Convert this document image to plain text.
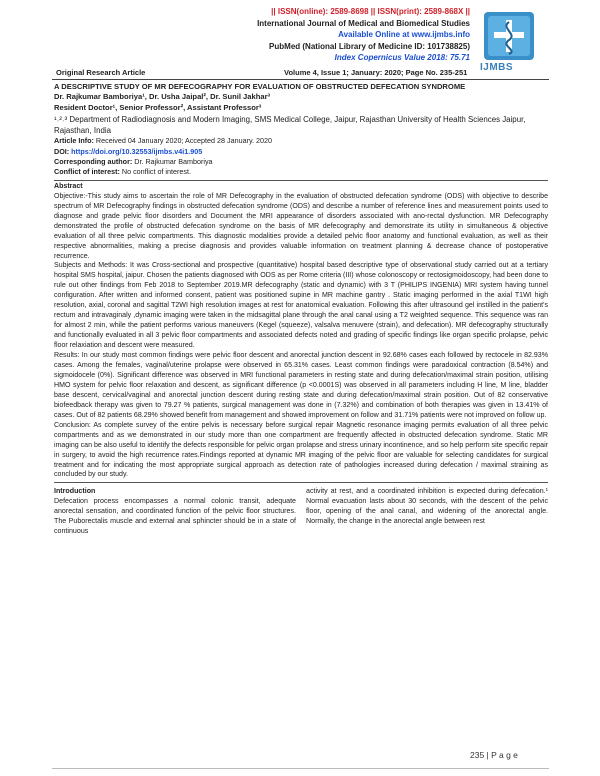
|| ISSN(online): 2589-8698 || ISSN(print): 2589-868X ||
International Journal of Medical and Biomedical Studies
Available Online at www.ijmbs.info
PubMed (National Library of Medicine ID: 101738825)
Index Copernicus Value 2018: 75.71
IJMBS
Original Research Article	Volume 4, Issue 1; January: 2020; Page No. 235-251

A DESCRIPTIVE STUDY OF MR DEFECOGRAPHY FOR EVALUATION OF OBSTRUCTED DEFECATION SYNDROME

Dr. Rajkumar Bamboriya¹, Dr. Usha Jaipal², Dr. Sunil Jakhar³

Resident Doctor¹, Senior Professor², Assistant Professor³

¹˒²˒³ Department of Radiodiagnosis and Modern Imaging, SMS Medical College, Jaipur, Rajasthan University of Health Sciences Jaipur, Rajasthan, India

Article Info: Received 04 January 2020; Accepted 28 January. 2020

DOI: https://doi.org/10.32553/ijmbs.v4i1.905

Corresponding author: Dr. Rajkumar Bamboriya

Conflict of interest: No conflict of interest.

Abstract

Objective:-This study aims to ascertain the role of MR Defecography in the evaluation of obstructed defecation syndrome (ODS) with objective to describe spectrum of MR Defecography findings in obstructed defecation syndrome (ODS) and describe a number of reference lines and measurement points used to diagnose and grade pelvic floor disorders and Document the MRI appearance of disorders associated with ano-rectal dysfunction. MR Defecography demonstrated the profile of obstructed defecation syndrome on the basis of MR defecography and demonstrate its utility in simultaneous & objective evaluation of all three pelvic compartments. This diagnostic modalities provide a detailed pelvic floor anatomy and functional evaluation, as well as their respective abnormalities, making a precise diagnosis and provides valuable information on treatment planning & decrease chance of postoperative recurrence.

Subjects and Methods: It was Cross-sectional and prospective (quantitative) hospital based descriptive type of observational study carried out at a tertiary hospital SMS hospital, jaipur. Chosen the patients diagnosed with ODS as per Rome criteria (III) whose colonoscopy or rectosigmoidoscopy, had been done to rule out other findings from Feb 2018 to September 2019.MR defecography (static and dynamic) with 3 T (PHILIPS INGENIA) MRI system having tunnel configuration. After written and informed consent, patient was positioned supine in MR machine gantry . Static imaging performed in the axial T1WI high resolution, axial, coronal and sagittal T2WI high resolution images at rest for anatomical evaluation. Following this after ultrasound gel instilled in the patient's rectum and intravaginaly ,dynamic imaging were taken in the midsagittal plane through the anal canal using a T2 weighted sequence. This sequence was ran for almost 2 min, while the patient performs various maneuvers (Kegel (squeeze), valsalva menuvere (strain), and defecation). MR defecography structurally and functionally evaluated in all 3 pelvic floor compartments and associated defects noted and grading of specific findings like organ specific prolapse, pelvic floor relaxiation and descent were measured.

Results: In our study most common findings were pelvic floor descent and anorectal junction descent in 92.68% cases each followed by rectocele in 82.93% cases. Among the females, vaginal/uterine prolapse were observed in 65.31% cases. Least common findings were paradoxical contraction (8.54%) and sigmoidocele (0%). Significant difference was observed in MRI functional parameters in resting state and during defecation/maximal strain position, utilising HMO system for pelvic floor relaxation and descent, as significant difference (p <0.0001S) was observed in all parameters including H line, M line, bladder base descent, cervical/vaginal and anorectal junction descent during resting state and during defecation/maximal strain position. Out of 82 conservative biofeedback therapy was given to 79.27 % patients, surgical management was done in (7.32%) and combination of both therapies was given in 13.41% of cases. Out of 82 patients 68.29% showed benefit from management and showed improvement on follow and 31.71% patients were not improved on follow up.

Conclusion: As complete survey of the entire pelvis is necessary before surgical repair Magnetic resonance imaging permits evaluation of all three pelvic compartments and as we demonstrated in our study more than one compartment are frequently affected in obstructed defecation syndrome. Static MR imaging can be also useful to identify the defects responsible for pelvic organ prolapse and stress urinary incontinence, and so help perform site specific repair in surgery, to avoid the high recurrence rates.Findings reported at dynamic MR imaging of the pelvic floor are valuable for selecting candidates for surgical treatment and for indicating the most appropriate surgical approach as detection rate of pathologies increased during defecation / maximal straining as concluded by our study.

Introduction

Defecation process encompasses a normal colonic transit, adequate anorectal sensation, and coordinated function of the pelvic floor structures. The Puborectalis muscle and external anal sphincter should be in a state of continuous

activity at rest, and a coordinated inhibition is expected during defecation.¹ Normal evacuation lasts about 30 seconds, with the descent of the pelvic floor, opening of the anal canal, and widening of the anorectal angle. Normally, the change in the anorectal angle between rest

235 | P a g e
